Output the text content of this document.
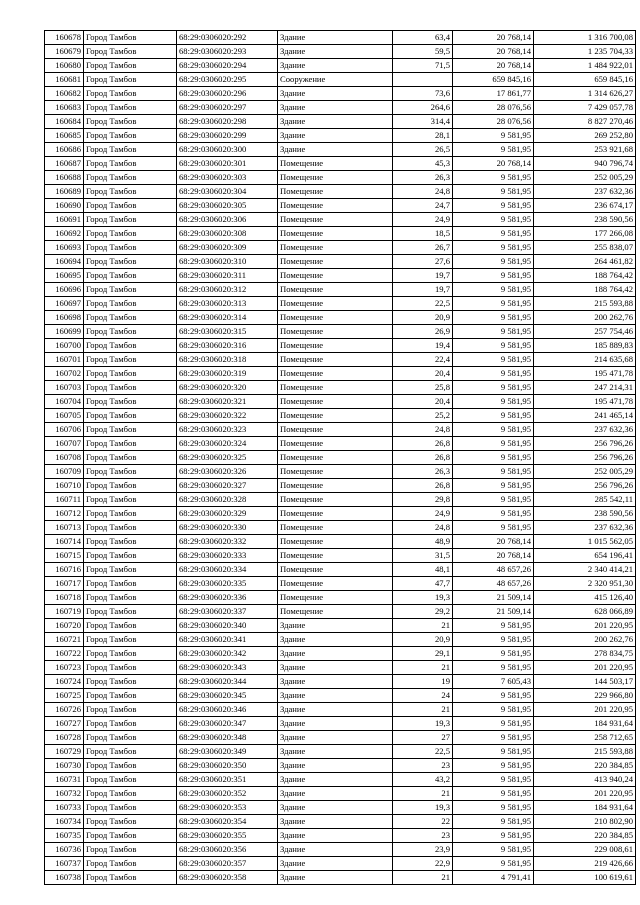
160678	Город Тамбов	68:29:0306020:292	Здание	63,4	20 768,14	1 316 700,08
160679	Город Тамбов	68:29:0306020:293	Здание	59,5	20 768,14	1 235 704,33
160680	Город Тамбов	68:29:0306020:294	Здание	71,5	20 768,14	1 484 922,01
160681	Город Тамбов	68:29:0306020:295	Сооружение		659 845,16	659 845,16
160682	Город Тамбов	68:29:0306020:296	Здание	73,6	17 861,77	1 314 626,27
160683	Город Тамбов	68:29:0306020:297	Здание	264,6	28 076,56	7 429 057,78
160684	Город Тамбов	68:29:0306020:298	Здание	314,4	28 076,56	8 827 270,46
160685	Город Тамбов	68:29:0306020:299	Здание	28,1	9 581,95	269 252,80
160686	Город Тамбов	68:29:0306020:300	Здание	26,5	9 581,95	253 921,68
160687	Город Тамбов	68:29:0306020:301	Помещение	45,3	20 768,14	940 796,74
160688	Город Тамбов	68:29:0306020:303	Помещение	26,3	9 581,95	252 005,29
160689	Город Тамбов	68:29:0306020:304	Помещение	24,8	9 581,95	237 632,36
160690	Город Тамбов	68:29:0306020:305	Помещение	24,7	9 581,95	236 674,17
160691	Город Тамбов	68:29:0306020:306	Помещение	24,9	9 581,95	238 590,56
160692	Город Тамбов	68:29:0306020:308	Помещение	18,5	9 581,95	177 266,08
160693	Город Тамбов	68:29:0306020:309	Помещение	26,7	9 581,95	255 838,07
160694	Город Тамбов	68:29:0306020:310	Помещение	27,6	9 581,95	264 461,82
160695	Город Тамбов	68:29:0306020:311	Помещение	19,7	9 581,95	188 764,42
160696	Город Тамбов	68:29:0306020:312	Помещение	19,7	9 581,95	188 764,42
160697	Город Тамбов	68:29:0306020:313	Помещение	22,5	9 581,95	215 593,88
160698	Город Тамбов	68:29:0306020:314	Помещение	20,9	9 581,95	200 262,76
160699	Город Тамбов	68:29:0306020:315	Помещение	26,9	9 581,95	257 754,46
160700	Город Тамбов	68:29:0306020:316	Помещение	19,4	9 581,95	185 889,83
160701	Город Тамбов	68:29:0306020:318	Помещение	22,4	9 581,95	214 635,68
160702	Город Тамбов	68:29:0306020:319	Помещение	20,4	9 581,95	195 471,78
160703	Город Тамбов	68:29:0306020:320	Помещение	25,8	9 581,95	247 214,31
160704	Город Тамбов	68:29:0306020:321	Помещение	20,4	9 581,95	195 471,78
160705	Город Тамбов	68:29:0306020:322	Помещение	25,2	9 581,95	241 465,14
160706	Город Тамбов	68:29:0306020:323	Помещение	24,8	9 581,95	237 632,36
160707	Город Тамбов	68:29:0306020:324	Помещение	26,8	9 581,95	256 796,26
160708	Город Тамбов	68:29:0306020:325	Помещение	26,8	9 581,95	256 796,26
160709	Город Тамбов	68:29:0306020:326	Помещение	26,3	9 581,95	252 005,29
160710	Город Тамбов	68:29:0306020:327	Помещение	26,8	9 581,95	256 796,26
160711	Город Тамбов	68:29:0306020:328	Помещение	29,8	9 581,95	285 542,11
160712	Город Тамбов	68:29:0306020:329	Помещение	24,9	9 581,95	238 590,56
160713	Город Тамбов	68:29:0306020:330	Помещение	24,8	9 581,95	237 632,36
160714	Город Тамбов	68:29:0306020:332	Помещение	48,9	20 768,14	1 015 562,05
160715	Город Тамбов	68:29:0306020:333	Помещение	31,5	20 768,14	654 196,41
160716	Город Тамбов	68:29:0306020:334	Помещение	48,1	48 657,26	2 340 414,21
160717	Город Тамбов	68:29:0306020:335	Помещение	47,7	48 657,26	2 320 951,30
160718	Город Тамбов	68:29:0306020:336	Помещение	19,3	21 509,14	415 126,40
160719	Город Тамбов	68:29:0306020:337	Помещение	29,2	21 509,14	628 066,89
160720	Город Тамбов	68:29:0306020:340	Здание	21	9 581,95	201 220,95
160721	Город Тамбов	68:29:0306020:341	Здание	20,9	9 581,95	200 262,76
160722	Город Тамбов	68:29:0306020:342	Здание	29,1	9 581,95	278 834,75
160723	Город Тамбов	68:29:0306020:343	Здание	21	9 581,95	201 220,95
160724	Город Тамбов	68:29:0306020:344	Здание	19	7 605,43	144 503,17
160725	Город Тамбов	68:29:0306020:345	Здание	24	9 581,95	229 966,80
160726	Город Тамбов	68:29:0306020:346	Здание	21	9 581,95	201 220,95
160727	Город Тамбов	68:29:0306020:347	Здание	19,3	9 581,95	184 931,64
160728	Город Тамбов	68:29:0306020:348	Здание	27	9 581,95	258 712,65
160729	Город Тамбов	68:29:0306020:349	Здание	22,5	9 581,95	215 593,88
160730	Город Тамбов	68:29:0306020:350	Здание	23	9 581,95	220 384,85
160731	Город Тамбов	68:29:0306020:351	Здание	43,2	9 581,95	413 940,24
160732	Город Тамбов	68:29:0306020:352	Здание	21	9 581,95	201 220,95
160733	Город Тамбов	68:29:0306020:353	Здание	19,3	9 581,95	184 931,64
160734	Город Тамбов	68:29:0306020:354	Здание	22	9 581,95	210 802,90
160735	Город Тамбов	68:29:0306020:355	Здание	23	9 581,95	220 384,85
160736	Город Тамбов	68:29:0306020:356	Здание	23,9	9 581,95	229 008,61
160737	Город Тамбов	68:29:0306020:357	Здание	22,9	9 581,95	219 426,66
160738	Город Тамбов	68:29:0306020:358	Здание	21	4 791,41	100 619,61
